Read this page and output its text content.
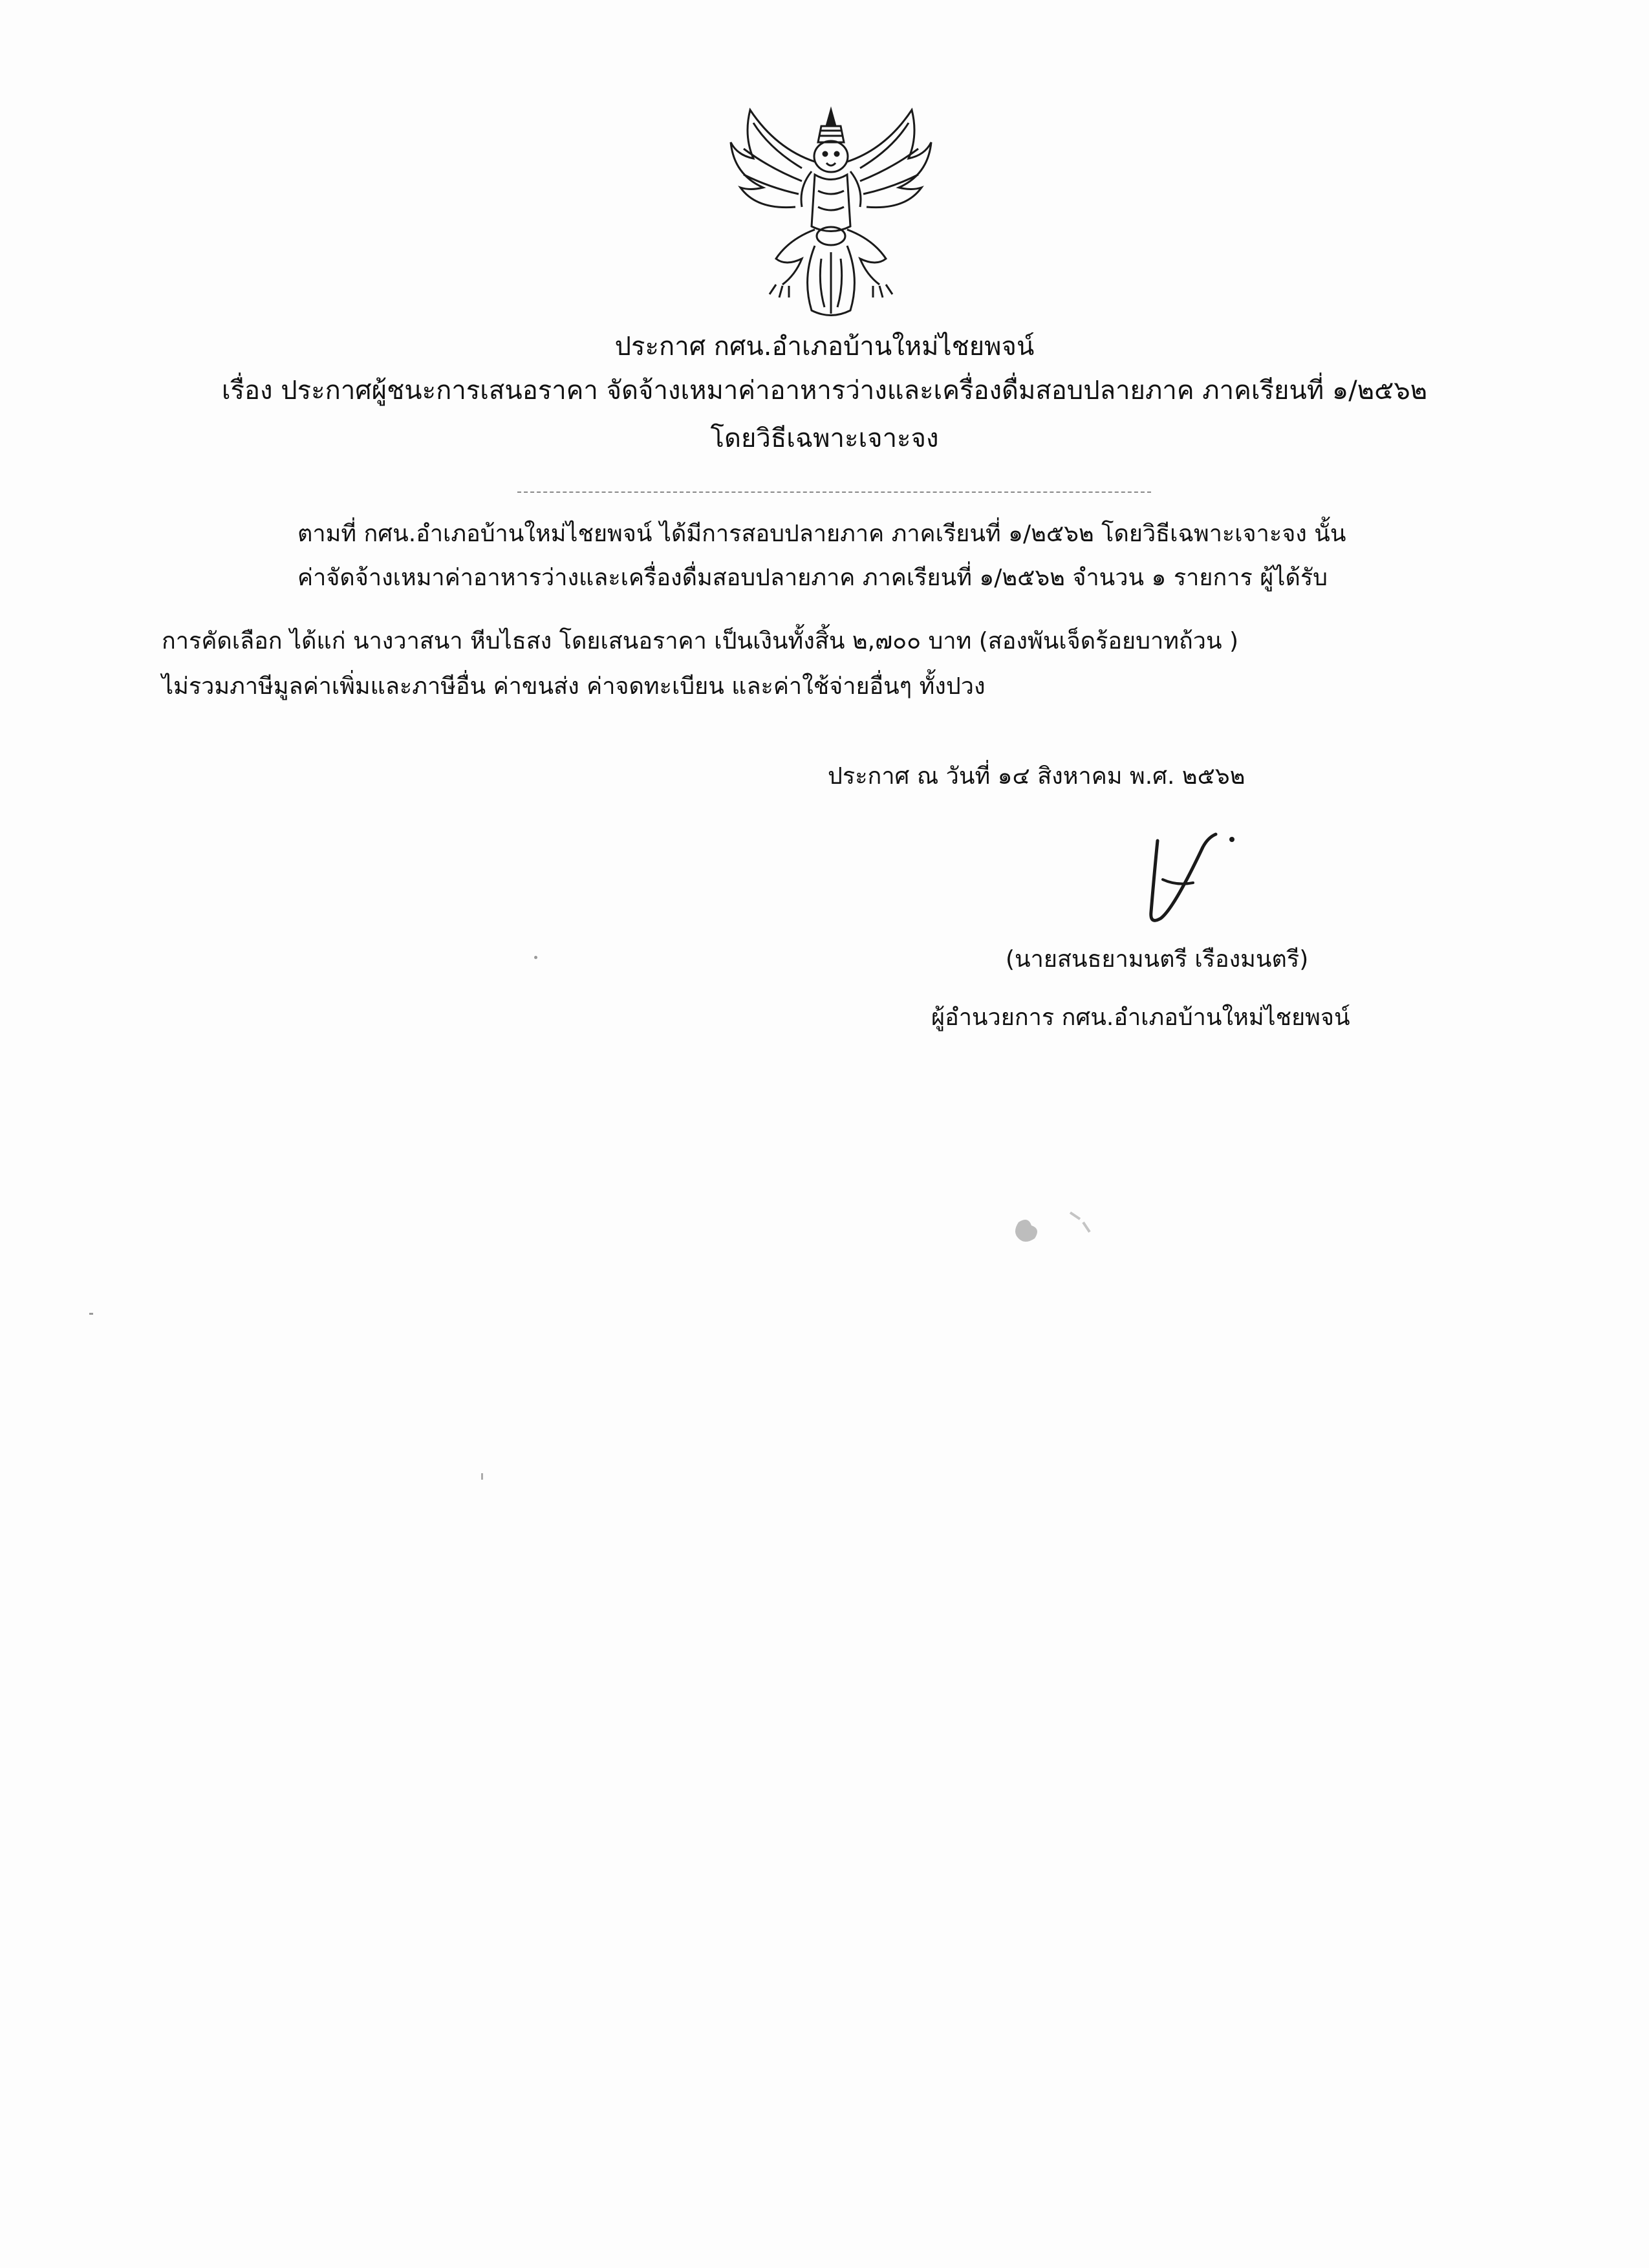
ประกาศ กศน.อำเภอบ้านใหม่ไชยพจน์
เรื่อง ประกาศผู้ชนะการเสนอราคา จัดจ้างเหมาค่าอาหารว่างและเครื่องดื่มสอบปลายภาค ภาคเรียนที่ ๑/๒๕๖๒
โดยวิธีเฉพาะเจาะจง
ตามที่ กศน.อำเภอบ้านใหม่ไชยพจน์ ได้มีการสอบปลายภาค ภาคเรียนที่ ๑/๒๕๖๒ โดยวิธีเฉพาะเจาะจง นั้น
ค่าจัดจ้างเหมาค่าอาหารว่างและเครื่องดื่มสอบปลายภาค ภาคเรียนที่ ๑/๒๕๖๒ จำนวน ๑ รายการ ผู้ได้รับ
การคัดเลือก ได้แก่ นางวาสนา หีบไธสง โดยเสนอราคา เป็นเงินทั้งสิ้น ๒,๗๐๐ บาท (สองพันเจ็ดร้อยบาทถ้วน )
ไม่รวมภาษีมูลค่าเพิ่มและภาษีอื่น ค่าขนส่ง ค่าจดทะเบียน และค่าใช้จ่ายอื่นๆ ทั้งปวง
ประกาศ ณ วันที่ ๑๔ สิงหาคม พ.ศ. ๒๕๖๒
(นายสนธยามนตรี เรืองมนตรี)
ผู้อำนวยการ กศน.อำเภอบ้านใหม่ไชยพจน์
